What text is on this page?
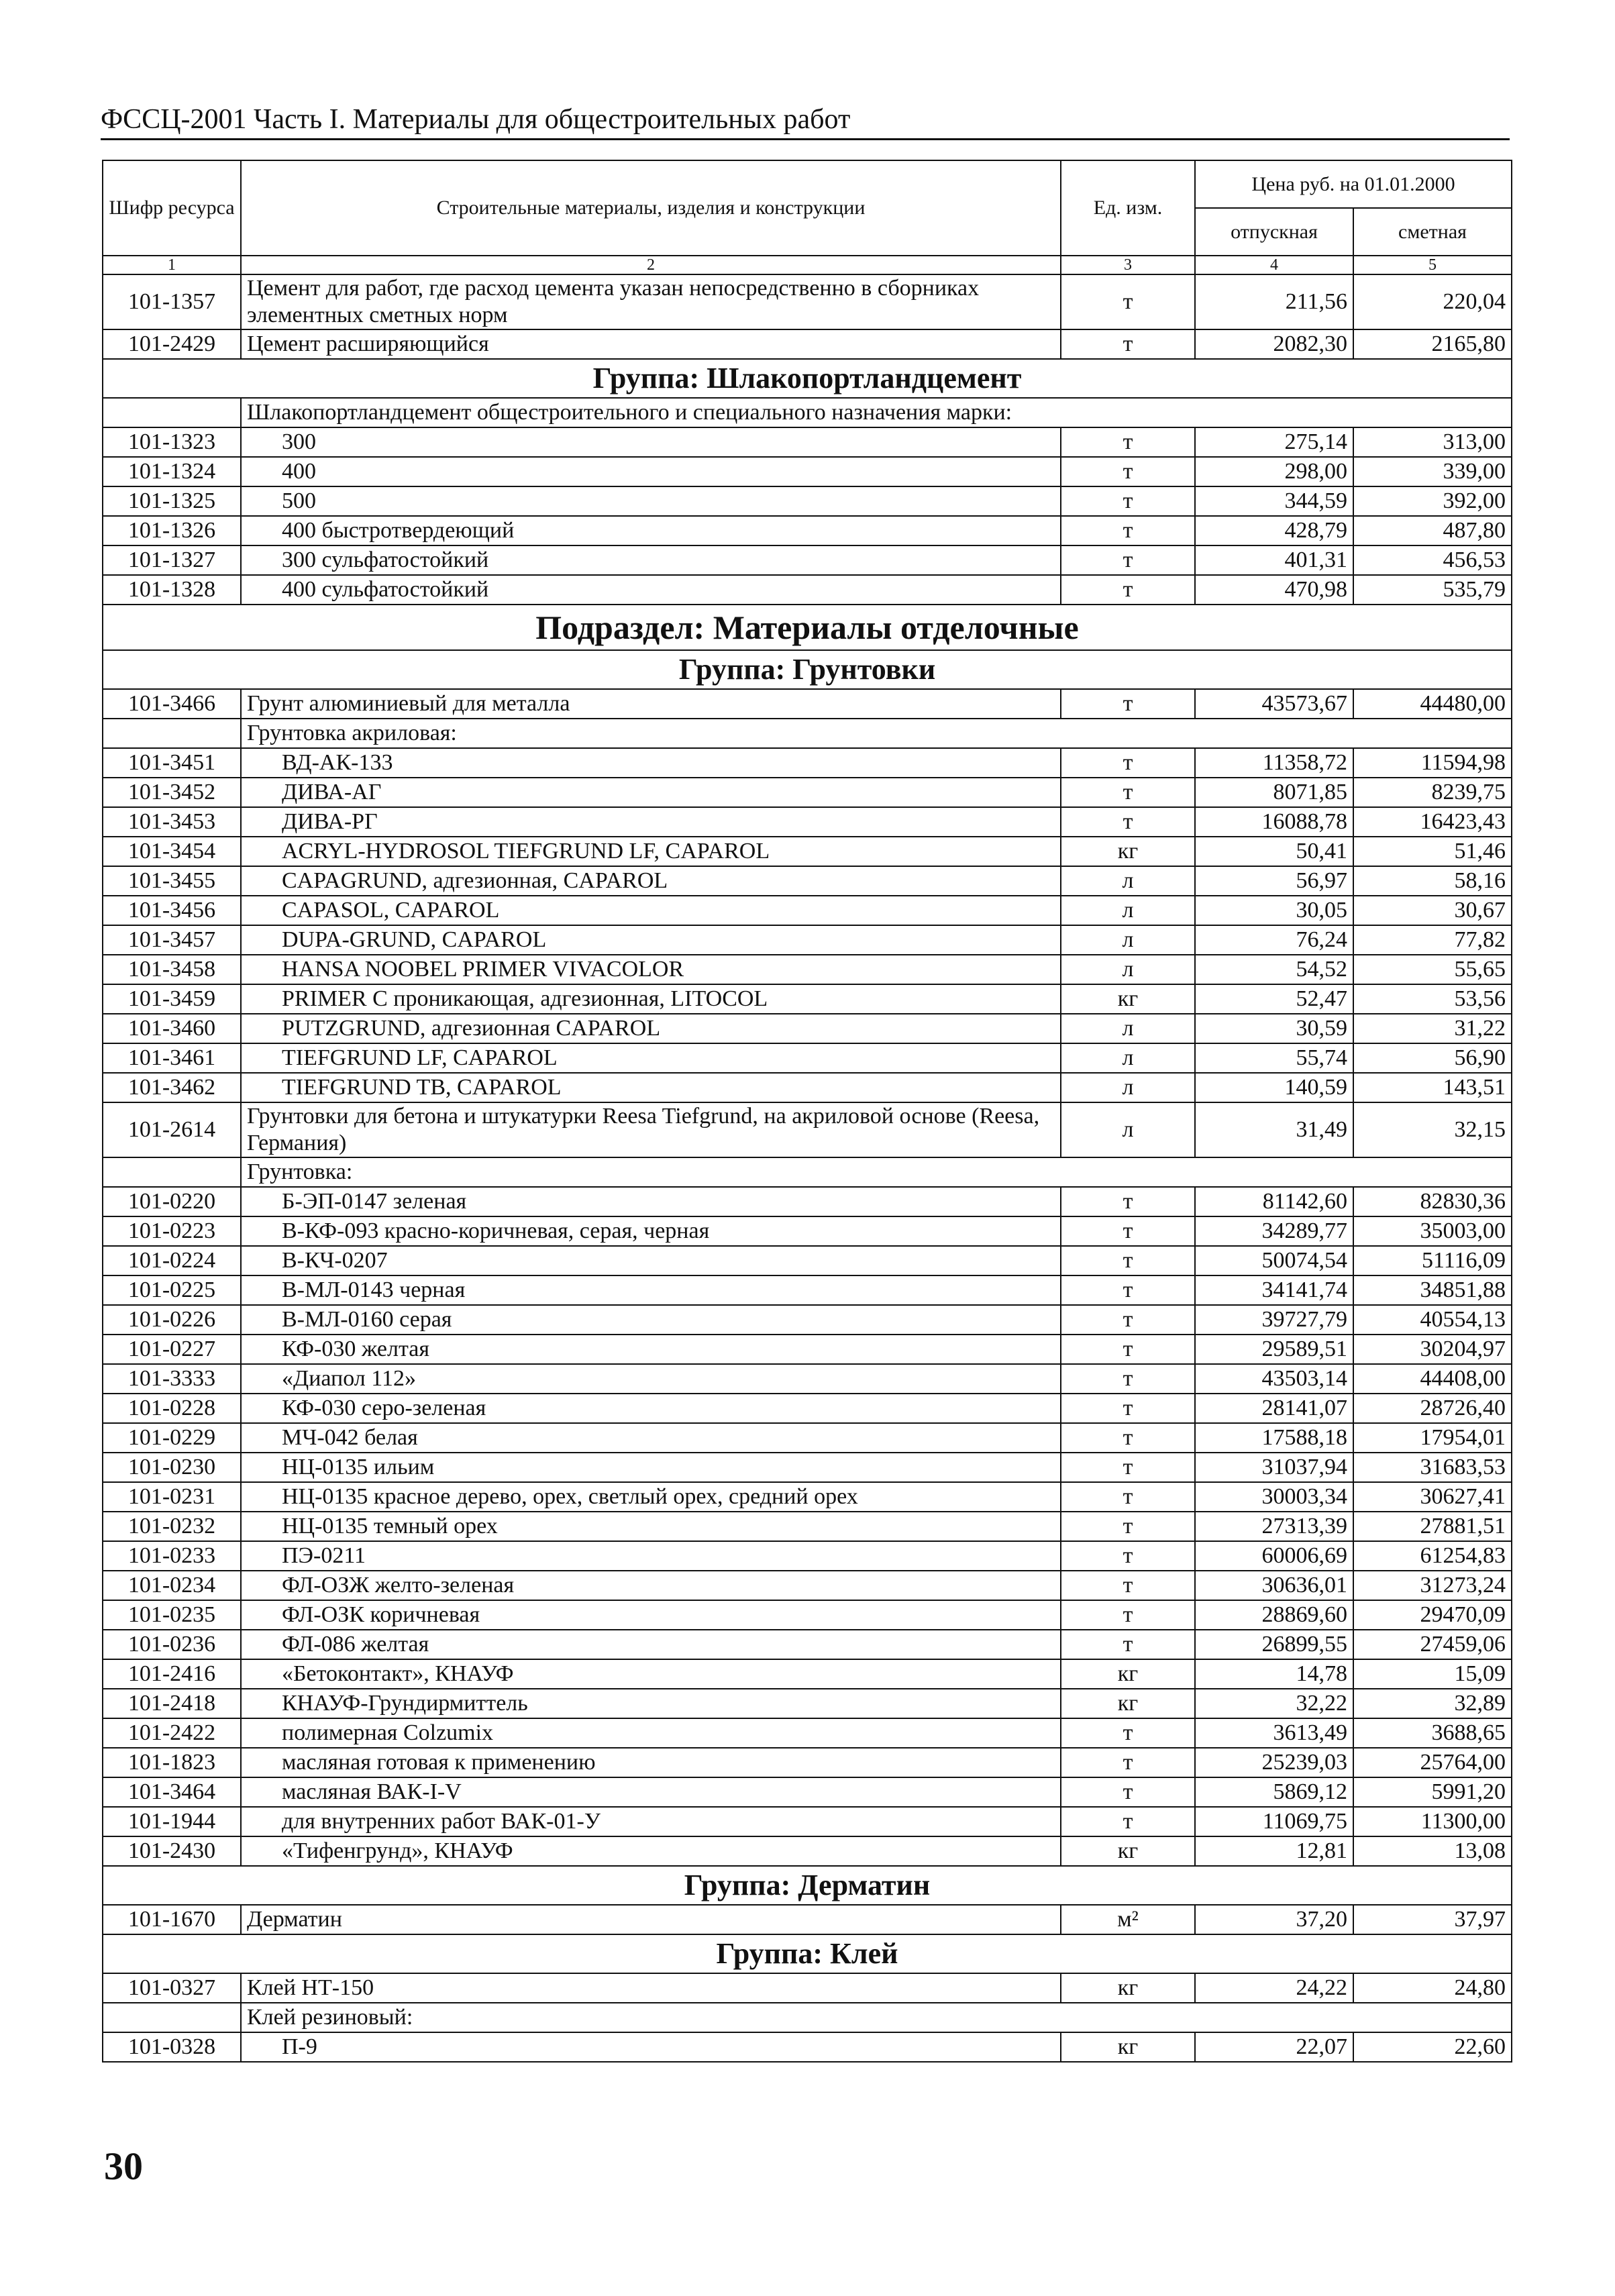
ФССЦ-2001 Часть I. Материалы для общестроительных работ
Шифр ресурса	Строительные материалы, изделия и конструкции	Ед. изм.	Цена руб. на 01.01.2000	
			отпускная	сметная
1	2	3	4	5
101-1357	Цемент для работ, где расход цемента указан непосредственно в сборниках элементных сметных норм	т	211,56	220,04
101-2429	Цемент расширяющийся	т	2082,30	2165,80
Группа: Шлакопортландцемент				
	Шлакопортландцемент общестроительного и специального назначения марки:			
101-1323	300	т	275,14	313,00
101-1324	400	т	298,00	339,00
101-1325	500	т	344,59	392,00
101-1326	400 быстротвердеющий	т	428,79	487,80
101-1327	300 сульфатостойкий	т	401,31	456,53
101-1328	400 сульфатостойкий	т	470,98	535,79
Подраздел: Материалы отделочные				
Группа: Грунтовки				
101-3466	Грунт алюминиевый для металла	т	43573,67	44480,00
	Грунтовка акриловая:			
101-3451	ВД-АК-133	т	11358,72	11594,98
101-3452	ДИВА-АГ	т	8071,85	8239,75
101-3453	ДИВА-РГ	т	16088,78	16423,43
101-3454	ACRYL-HYDROSOL TIEFGRUND LF, CAPAROL	кг	50,41	51,46
101-3455	CAPAGRUND, адгезионная, CAPAROL	л	56,97	58,16
101-3456	CAPASOL, CAPAROL	л	30,05	30,67
101-3457	DUPA-GRUND, CAPAROL	л	76,24	77,82
101-3458	HANSA NOOBEL PRIMER VIVACOLOR	л	54,52	55,65
101-3459	PRIMER C проникающая, адгезионная, LITOCOL	кг	52,47	53,56
101-3460	PUTZGRUND, адгезионная CAPAROL	л	30,59	31,22
101-3461	TIEFGRUND LF, CAPAROL	л	55,74	56,90
101-3462	TIEFGRUND TB, CAPAROL	л	140,59	143,51
101-2614	Грунтовки для бетона и штукатурки Reesa Tiefgrund, на акриловой основе (Reesa, Германия)	л	31,49	32,15
	Грунтовка:			
101-0220	Б-ЭП-0147 зеленая	т	81142,60	82830,36
101-0223	В-КФ-093 красно-коричневая, серая, черная	т	34289,77	35003,00
101-0224	В-КЧ-0207	т	50074,54	51116,09
101-0225	В-МЛ-0143 черная	т	34141,74	34851,88
101-0226	В-МЛ-0160 серая	т	39727,79	40554,13
101-0227	КФ-030 желтая	т	29589,51	30204,97
101-3333	«Диапол 112»	т	43503,14	44408,00
101-0228	КФ-030 серо-зеленая	т	28141,07	28726,40
101-0229	МЧ-042 белая	т	17588,18	17954,01
101-0230	НЦ-0135 ильим	т	31037,94	31683,53
101-0231	НЦ-0135 красное дерево, орех, светлый орех, средний орех	т	30003,34	30627,41
101-0232	НЦ-0135 темный орех	т	27313,39	27881,51
101-0233	ПЭ-0211	т	60006,69	61254,83
101-0234	ФЛ-ОЗЖ желто-зеленая	т	30636,01	31273,24
101-0235	ФЛ-ОЗК коричневая	т	28869,60	29470,09
101-0236	ФЛ-086 желтая	т	26899,55	27459,06
101-2416	«Бетоконтакт», КНАУФ	кг	14,78	15,09
101-2418	КНАУФ-Грундирмиттель	кг	32,22	32,89
101-2422	полимерная Colzumix	т	3613,49	3688,65
101-1823	масляная готовая к применению	т	25239,03	25764,00
101-3464	масляная ВАК-I-V	т	5869,12	5991,20
101-1944	для внутренних работ ВАК-01-У	т	11069,75	11300,00
101-2430	«Тифенгрунд», КНАУФ	кг	12,81	13,08
Группа: Дерматин				
101-1670	Дерматин	м²	37,20	37,97
Группа: Клей				
101-0327	Клей НТ-150	кг	24,22	24,80
	Клей резиновый:			
101-0328	П-9	кг	22,07	22,60
30
